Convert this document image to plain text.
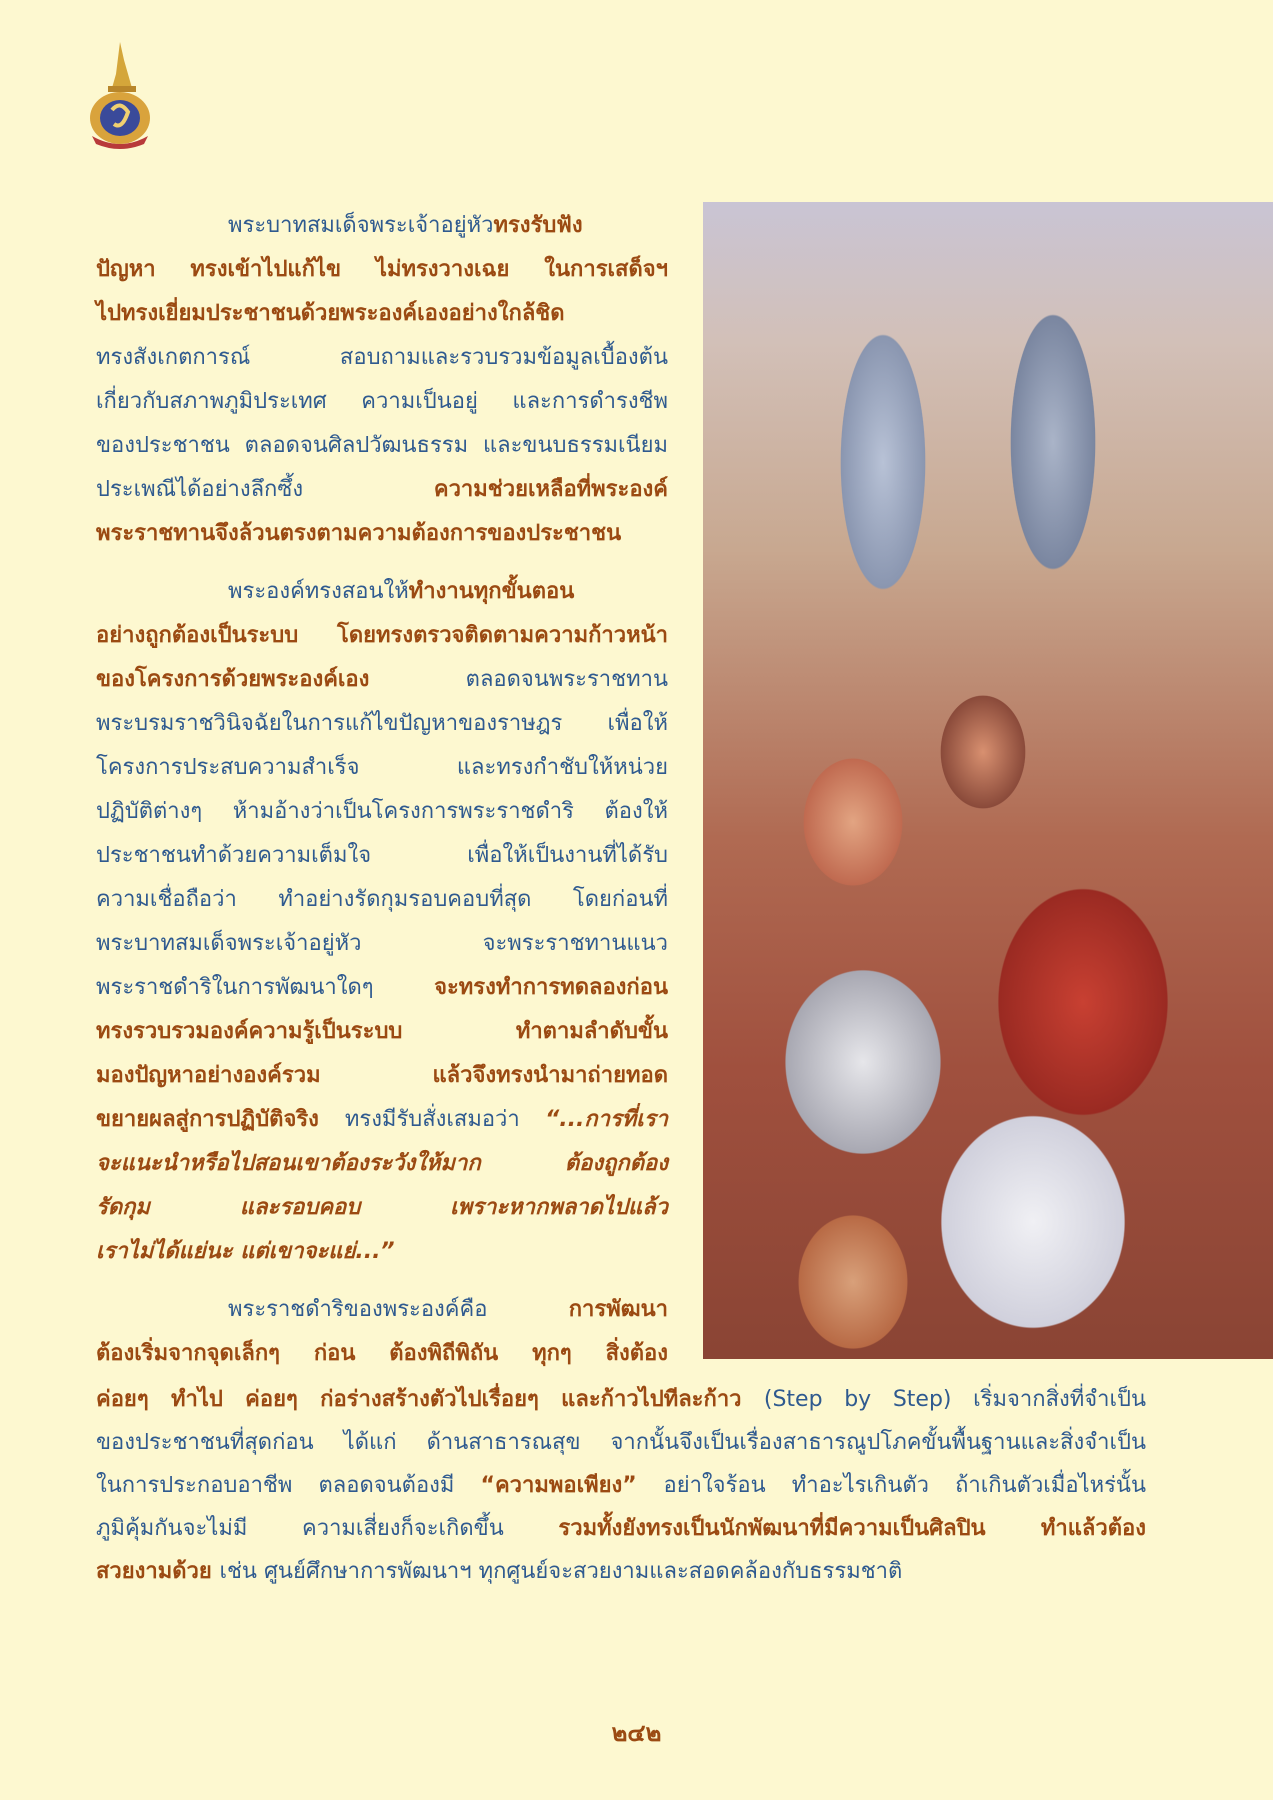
พระบาทสมเด็จพระเจ้าอยู่หัวทรงรับฟัง
ปัญหา ทรงเข้าไปแก้ไข ไม่ทรงวางเฉย ในการเสด็จฯ
ไปทรงเยี่ยมประชาชนด้วยพระองค์เองอย่างใกล้ชิด
ทรงสังเกตการณ์ สอบถามและรวบรวมข้อมูลเบื้องต้น
เกี่ยวกับสภาพภูมิประเทศ ความเป็นอยู่ และการดำรงชีพ
ของประชาชน ตลอดจนศิลปวัฒนธรรม และขนบธรรมเนียม
ประเพณีได้อย่างลึกซึ้ง ความช่วยเหลือที่พระองค์
พระราชทานจึงล้วนตรงตามความต้องการของประชาชน
พระองค์ทรงสอนให้ทำงานทุกขั้นตอน
อย่างถูกต้องเป็นระบบ โดยทรงตรวจติดตามความก้าวหน้า
ของโครงการด้วยพระองค์เอง ตลอดจนพระราชทาน
พระบรมราชวินิจฉัยในการแก้ไขปัญหาของราษฎร เพื่อให้
โครงการประสบความสำเร็จ และทรงกำชับให้หน่วย
ปฏิบัติต่างๆ ห้ามอ้างว่าเป็นโครงการพระราชดำริ ต้องให้
ประชาชนทำด้วยความเต็มใจ เพื่อให้เป็นงานที่ได้รับ
ความเชื่อถือว่า ทำอย่างรัดกุมรอบคอบที่สุด โดยก่อนที่
พระบาทสมเด็จพระเจ้าอยู่หัว จะพระราชทานแนว
พระราชดำริในการพัฒนาใดๆ จะทรงทำการทดลองก่อน
ทรงรวบรวมองค์ความรู้เป็นระบบ ทำตามลำดับขั้น
มองปัญหาอย่างองค์รวม แล้วจึงทรงนำมาถ่ายทอด
ขยายผลสู่การปฏิบัติจริง ทรงมีรับสั่งเสมอว่า “...การที่เรา
จะแนะนำหรือไปสอนเขาต้องระวังให้มาก ต้องถูกต้อง
รัดกุม และรอบคอบ เพราะหากพลาดไปแล้ว
เราไม่ได้แย่นะ แต่เขาจะแย่...”
พระราชดำริของพระองค์คือ การพัฒนา
ต้องเริ่มจากจุดเล็กๆ ก่อน ต้องพิถีพิถัน ทุกๆ สิ่งต้อง
ค่อยๆ ทำไป ค่อยๆ ก่อร่างสร้างตัวไปเรื่อยๆ และก้าวไปทีละก้าว (Step by Step) เริ่มจากสิ่งที่จำเป็น
ของประชาชนที่สุดก่อน ได้แก่ ด้านสาธารณสุข จากนั้นจึงเป็นเรื่องสาธารณูปโภคขั้นพื้นฐานและสิ่งจำเป็น
ในการประกอบอาชีพ ตลอดจนต้องมี “ความพอเพียง” อย่าใจร้อน ทำอะไรเกินตัว ถ้าเกินตัวเมื่อไหร่นั้น
ภูมิคุ้มกันจะไม่มี ความเสี่ยงก็จะเกิดขึ้น รวมทั้งยังทรงเป็นนักพัฒนาที่มีความเป็นศิลปิน ทำแล้วต้อง
สวยงามด้วย เช่น ศูนย์ศึกษาการพัฒนาฯ ทุกศูนย์จะสวยงามและสอดคล้องกับธรรมชาติ
๒๔๒
